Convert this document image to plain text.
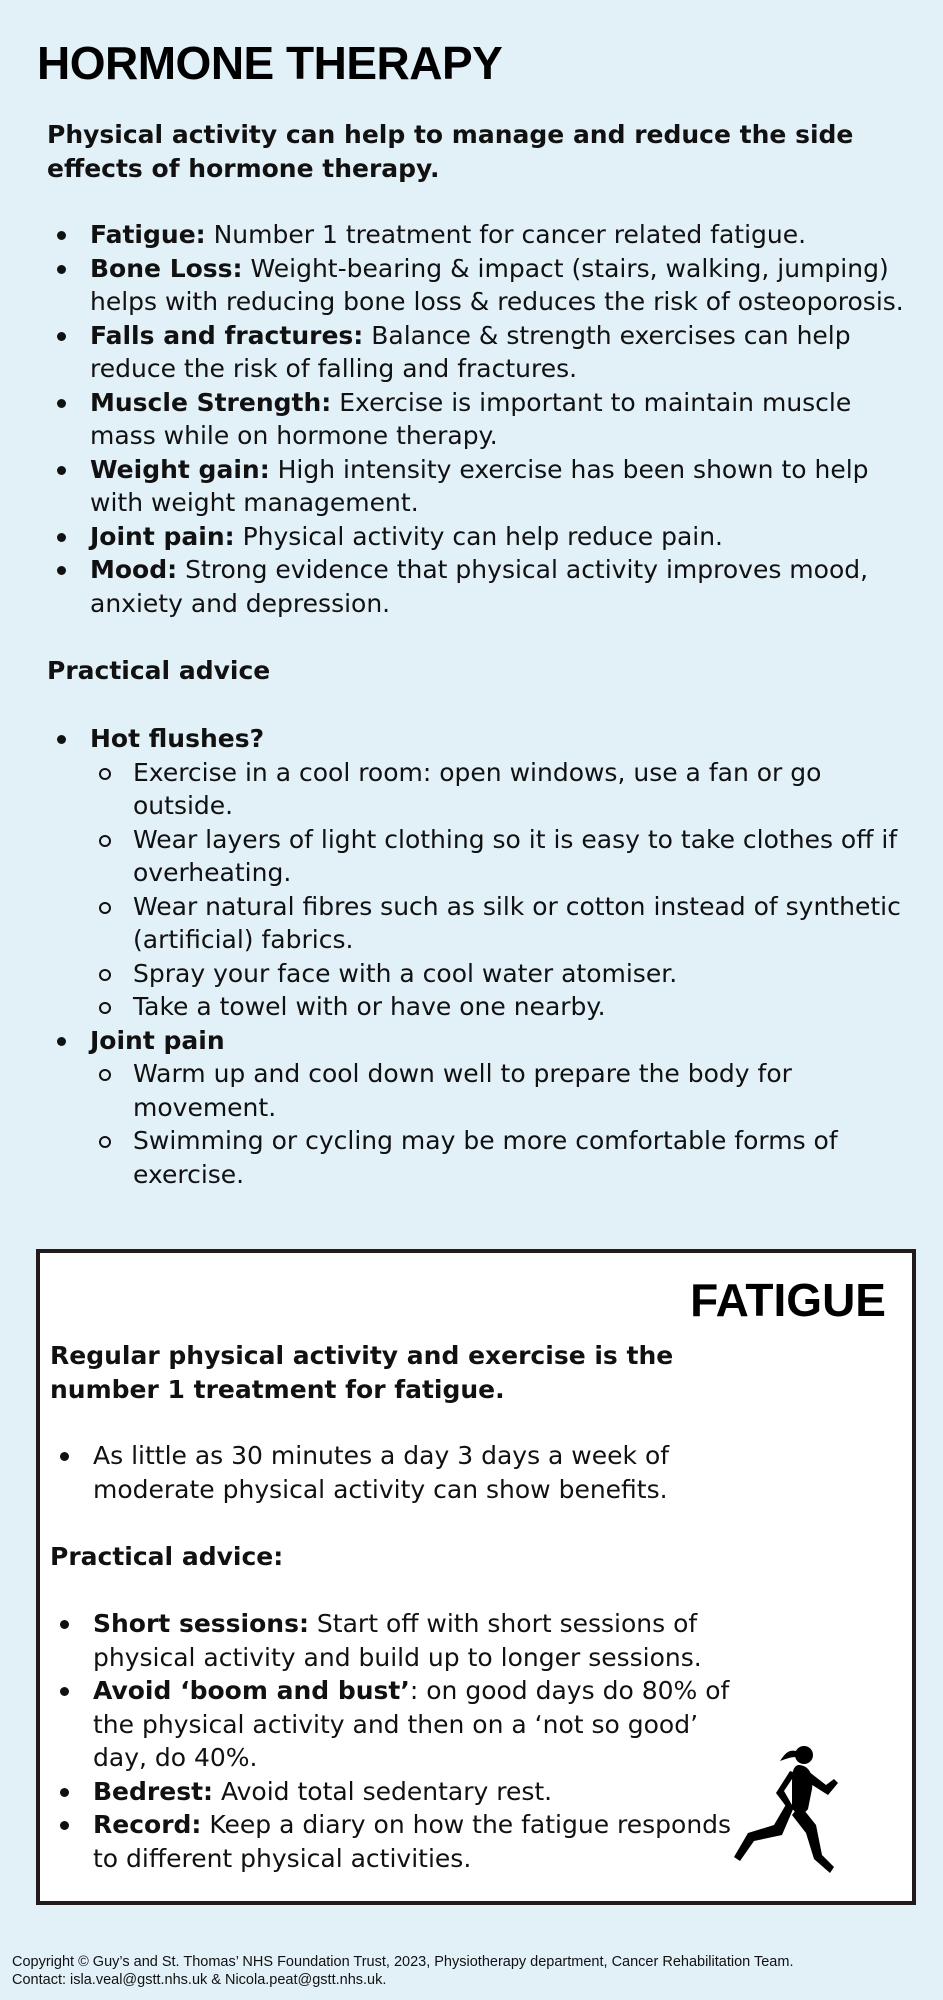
HORMONE THERAPY

Physical activity can help to manage and reduce the side effects of hormone therapy.

Fatigue: Number 1 treatment for cancer related fatigue.
Bone Loss: Weight-bearing & impact (stairs, walking, jumping) helps with reducing bone loss & reduces the risk of osteoporosis.
Falls and fractures: Balance & strength exercises can help reduce the risk of falling and fractures.
Muscle Strength: Exercise is important to maintain muscle mass while on hormone therapy.
Weight gain: High intensity exercise has been shown to help with weight management.
Joint pain: Physical activity can help reduce pain.
Mood: Strong evidence that physical activity improves mood, anxiety and depression.
Practical advice
Hot flushes?
Exercise in a cool room: open windows, use a fan or go outside.
Wear layers of light clothing so it is easy to take clothes off if overheating.
Wear natural fibres such as silk or cotton instead of synthetic (artificial) fabrics.
Spray your face with a cool water atomiser.
Take a towel with or have one nearby.
Joint pain
Warm up and cool down well to prepare the body for movement.
Swimming or cycling may be more comfortable forms of exercise.
FATIGUE

Regular physical activity and exercise is the number 1 treatment for fatigue.

As little as 30 minutes a day 3 days a week of moderate physical activity can show benefits.
Practical advice:
Short sessions: Start off with short sessions of physical activity and build up to longer sessions.
Avoid ‘boom and bust’: on good days do 80% of the physical activity and then on a ‘not so good’ day, do 40%.
Bedrest: Avoid total sedentary rest.
Record: Keep a diary on how the fatigue responds to different physical activities.
Copyright © Guy’s and St. Thomas’ NHS Foundation Trust, 2023, Physiotherapy department, Cancer Rehabilitation Team.
Contact: isla.veal@gstt.nhs.uk & Nicola.peat@gstt.nhs.uk.
